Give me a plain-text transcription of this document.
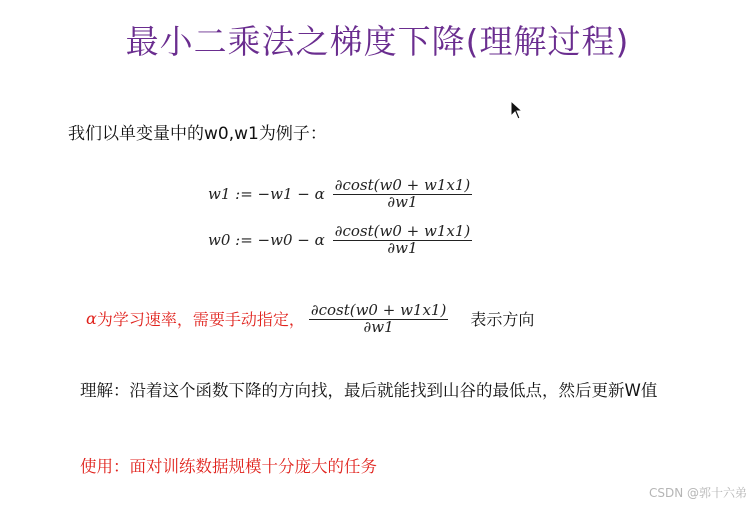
最小二乘法之梯度下降(理解过程)
我们以单变量中的w0,w1为例子：
w1 := −w1 − α $\frac{\partial\cos t(w0 + w1x1)}{\partial w1}$
w0 := −w0 − α $\frac{\partial\cos t(w0 + w1x1)}{\partial w1}$
α 为学习速率，需要手动指定， $\frac{\partial\cos t(w0 + w1x1)}{\partial w1}$ 表示方向
理解：沿着这个函数下降的方向找，最后就能找到山谷的最低点，然后更新W值
使用：面对训练数据规模十分庞大的任务
CSDN @郭十六弟
